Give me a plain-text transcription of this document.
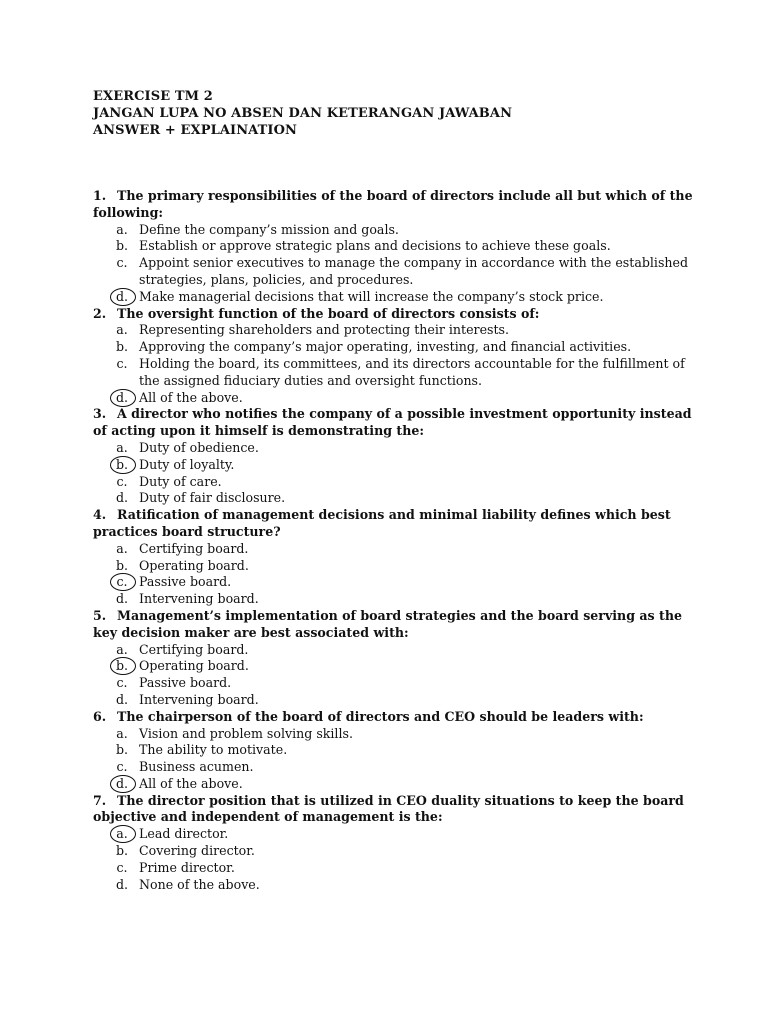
EXERCISE TM 2
JANGAN LUPA NO ABSEN DAN KETERANGAN JAWABAN
ANSWER + EXPLAINATION
1. The primary responsibilities of the board of directors include all but which of the following:
a. Define the company’s mission and goals.
b. Establish or approve strategic plans and decisions to achieve these goals.
c. Appoint senior executives to manage the company in accordance with the established strategies, plans, policies, and procedures.
d. Make managerial decisions that will increase the company’s stock price.
2. The oversight function of the board of directors consists of:
a. Representing shareholders and protecting their interests.
b. Approving the company’s major operating, investing, and financial activities.
c. Holding the board, its committees, and its directors accountable for the fulfillment of the assigned fiduciary duties and oversight functions.
d. All of the above.
3. A director who notifies the company of a possible investment opportunity instead of acting upon it himself is demonstrating the:
a. Duty of obedience.
b. Duty of loyalty.
c. Duty of care.
d. Duty of fair disclosure.
4. Ratification of management decisions and minimal liability defines which best practices board structure?
a. Certifying board.
b. Operating board.
c. Passive board.
d. Intervening board.
5. Management’s implementation of board strategies and the board serving as the key decision maker are best associated with:
a. Certifying board.
b. Operating board.
c. Passive board.
d. Intervening board.
6. The chairperson of the board of directors and CEO should be leaders with:
a. Vision and problem solving skills.
b. The ability to motivate.
c. Business acumen.
d. All of the above.
7. The director position that is utilized in CEO duality situations to keep the board objective and independent of management is the:
a. Lead director.
b. Covering director.
c. Prime director.
d. None of the above.
